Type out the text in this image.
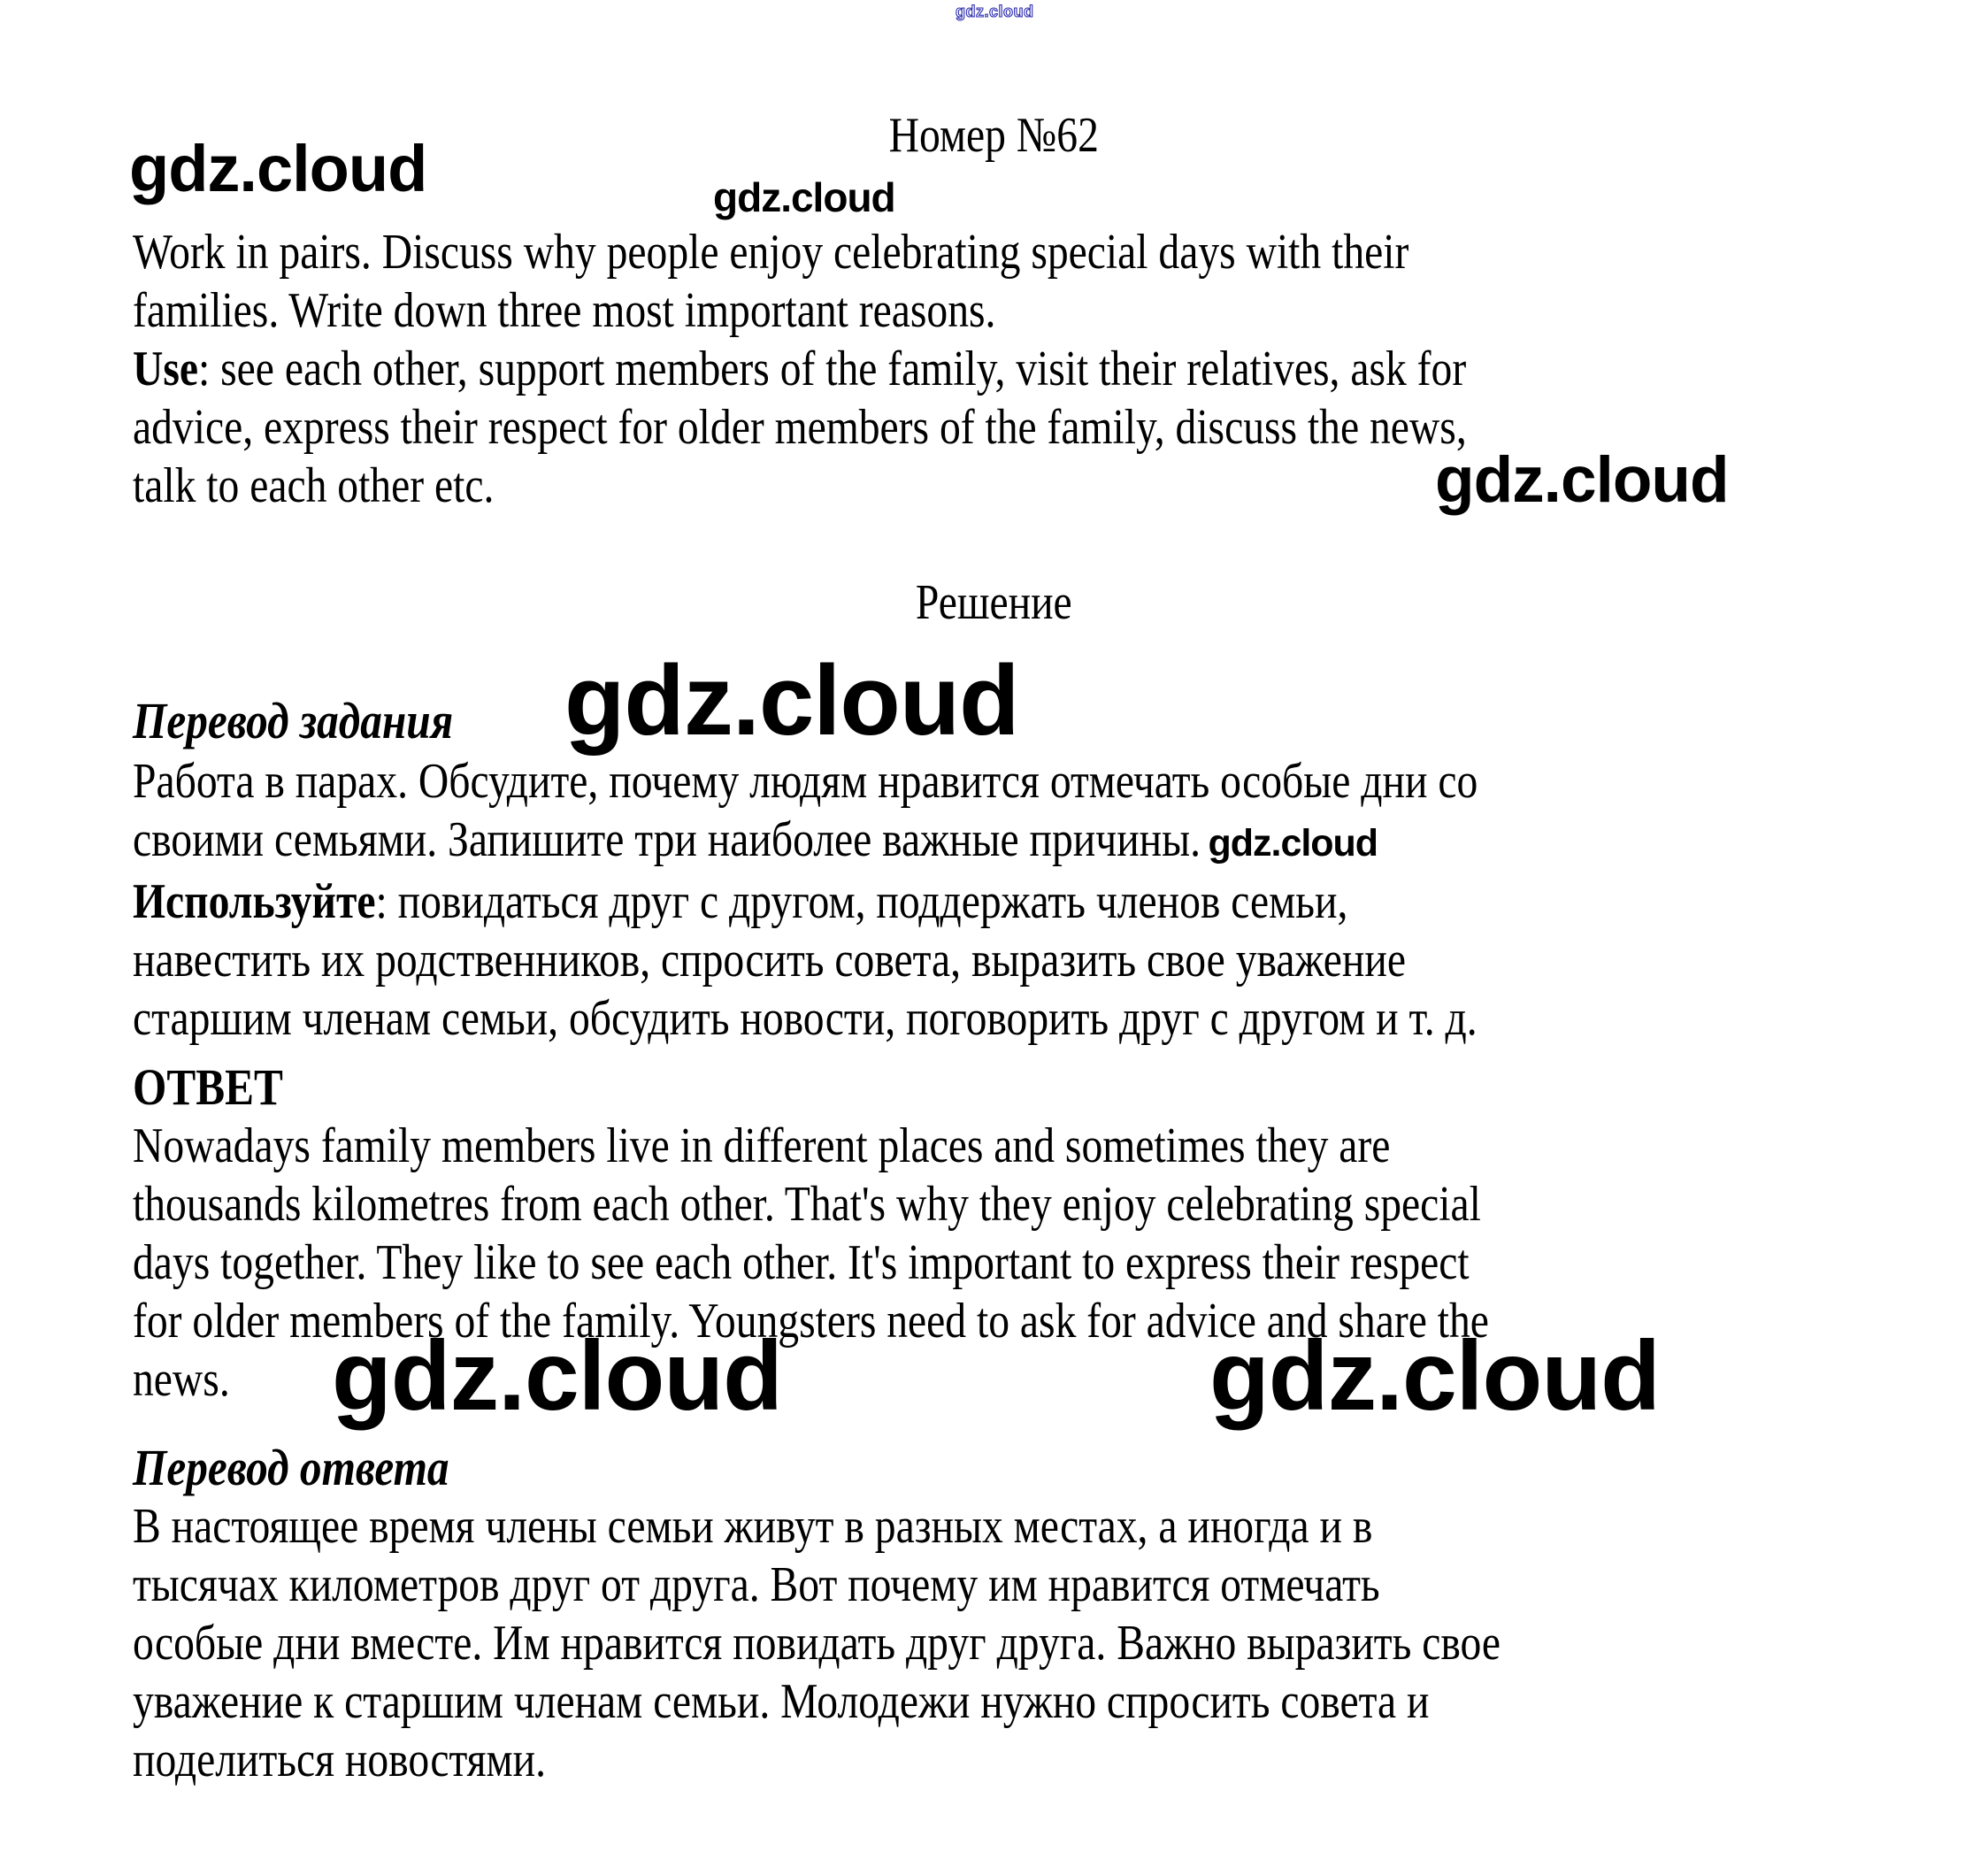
gdz.cloud
Номер №62
gdz.cloud	gdz.cloud
Work in pairs. Discuss why people enjoy celebrating special days with their
families. Write down three most important reasons.
Use: see each other, support members of the family, visit their relatives, ask for
advice, express their respect for older members of the family, discuss the news,
talk to each other etc.	gdz.cloud
Решение
Перевод задания gdz.cloud
Работа в парах. Обсудите, почему людям нравится отмечать особые дни со
своими семьями. Запишите три наиболее важные причины. gdz.cloud
Используйте: повидаться друг с другом, поддержать членов семьи,
навестить их родственников, спросить совета, выразить свое уважение
старшим членам семьи, обсудить новости, поговорить друг с другом и т. д.
ОТВЕТ
Nowadays family members live in different places and sometimes they are
thousands kilometres from each other. That's why they enjoy celebrating special
days together. They like to see each other. It's important to express their respect
for older members of the family. Youngsters need to ask for advice and share the
news.	gdz.cloud	gdz.cloud
Перевод ответа
В настоящее время члены семьи живут в разных местах, а иногда и в
тысячах километров друг от друга. Вот почему им нравится отмечать
особые дни вместе. Им нравится повидать друг друга. Важно выразить свое
уважение к старшим членам семьи. Молодежи нужно спросить совета и
поделиться новостями.
